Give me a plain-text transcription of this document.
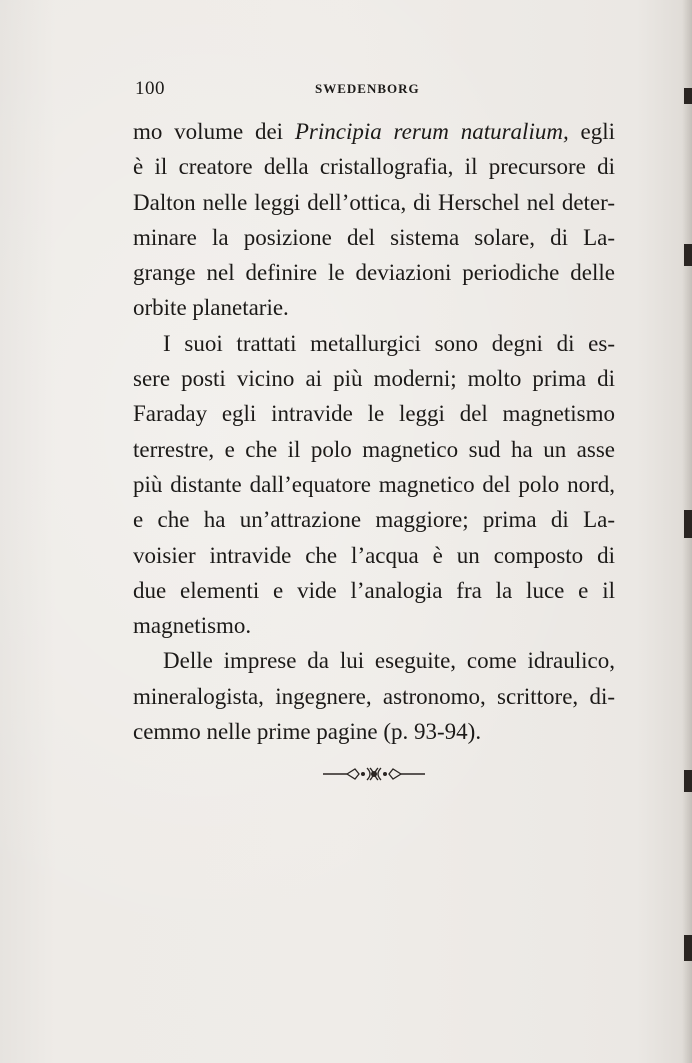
100	SWEDENBORG
mo volume dei Principia rerum naturalium, egli
è il creatore della cristallografia, il precursore di
Dalton nelle leggi dell’ottica, di Herschel nel deter-
minare la posizione del sistema solare, di La-
grange nel definire le deviazioni periodiche delle
orbite planetarie.
I suoi trattati metallurgici sono degni di es-
sere posti vicino ai più moderni; molto prima di
Faraday egli intravide le leggi del magnetismo
terrestre, e che il polo magnetico sud ha un asse
più distante dall’equatore magnetico del polo nord,
e che ha un’attrazione maggiore; prima di La-
voisier intravide che l’acqua è un composto di
due elementi e vide l’analogia fra la luce e il
magnetismo.
Delle imprese da lui eseguite, come idraulico,
mineralogista, ingegnere, astronomo, scrittore, di-
cemmo nelle prime pagine (p. 93-94).
